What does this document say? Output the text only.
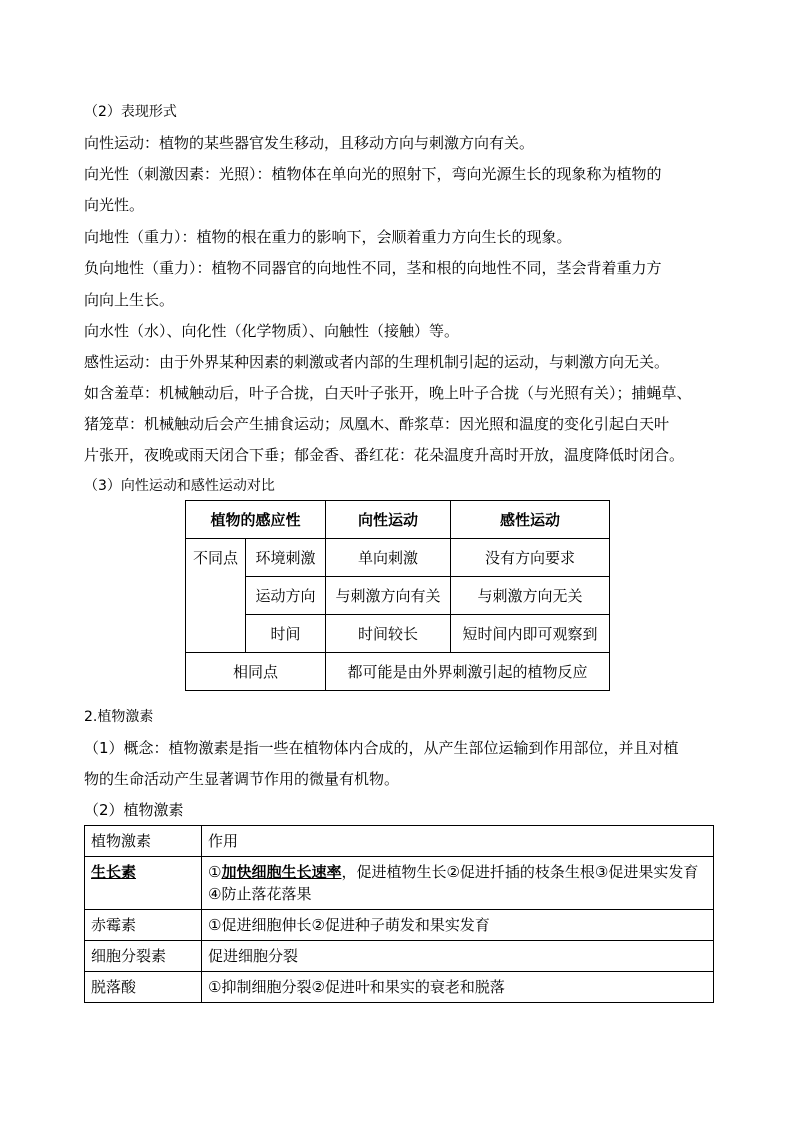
（2）表现形式
向性运动：植物的某些器官发生移动，且移动方向与刺激方向有关。
向光性（刺激因素：光照）：植物体在单向光的照射下，弯向光源生长的现象称为植物的
向光性。
向地性（重力）：植物的根在重力的影响下，会顺着重力方向生长的现象。
负向地性（重力）：植物不同器官的向地性不同，茎和根的向地性不同，茎会背着重力方
向向上生长。
向水性（水）、向化性（化学物质）、向触性（接触）等。
感性运动：由于外界某种因素的刺激或者内部的生理机制引起的运动，与刺激方向无关。
如含羞草：机械触动后，叶子合拢，白天叶子张开，晚上叶子合拢（与光照有关）；捕蝇草、
猪笼草：机械触动后会产生捕食运动；凤凰木、酢浆草：因光照和温度的变化引起白天叶
片张开，夜晚或雨天闭合下垂；郁金香、番红花：花朵温度升高时开放，温度降低时闭合。
（3）向性运动和感性运动对比
植物的感应性		向性运动	感性运动
不同点	环境刺激	单向刺激	没有方向要求
	运动方向	与刺激方向有关	与刺激方向无关
	时间	时间较长	短时间内即可观察到
相同点		都可能是由外界刺激引起的植物反应	
2.植物激素
（1）概念：植物激素是指一些在植物体内合成的，从产生部位运输到作用部位，并且对植
物的生命活动产生显著调节作用的微量有机物。
（2）植物激素
植物激素	作用
生长素	①加快细胞生长速率，促进植物生长②促进扦插的枝条生根③促进果实发育④防止落花落果
赤霉素	①促进细胞伸长②促进种子萌发和果实发育
细胞分裂素	促进细胞分裂
脱落酸	①抑制细胞分裂②促进叶和果实的衰老和脱落
